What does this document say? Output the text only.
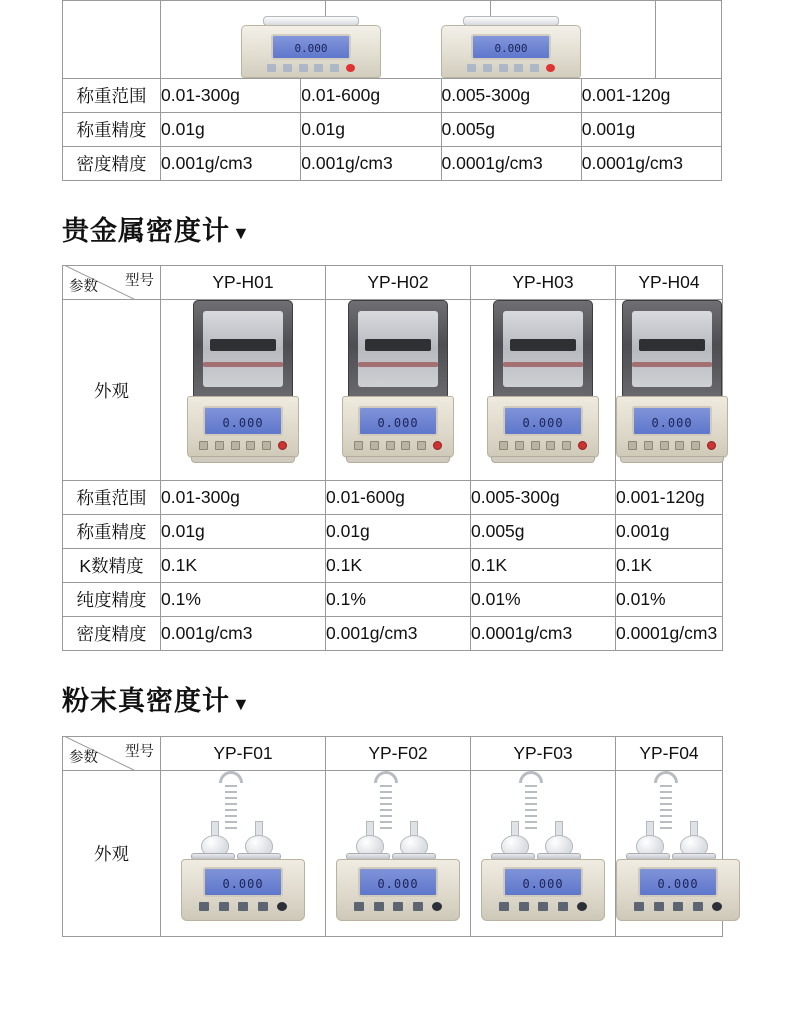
0.000	0.000
称重范围	0.01-300g	0.01-600g	0.005-300g	0.001-120g
称重精度	0.01g	0.01g	0.005g	0.001g
密度精度	0.001g/cm3	0.001g/cm3	0.0001g/cm3	0.0001g/cm3
贵金属密度计 ▼
型号
参数	YP-H01	YP-H02	YP-H03	YP-H04
外观	0.000	0.000	0.000	0.000

称重范围	0.01-300g	0.01-600g	0.005-300g	0.001-120g
称重精度	0.01g	0.01g	0.005g	0.001g
K数精度	0.1K	0.1K	0.1K	0.1K
纯度精度	0.1%	0.1%	0.01%	0.01%
密度精度	0.001g/cm3	0.001g/cm3	0.0001g/cm3	0.0001g/cm3
粉末真密度计 ▼
型号
参数	YP-F01	YP-F02	YP-F03	YP-F04
外观	0.000	0.000	0.000	0.000
